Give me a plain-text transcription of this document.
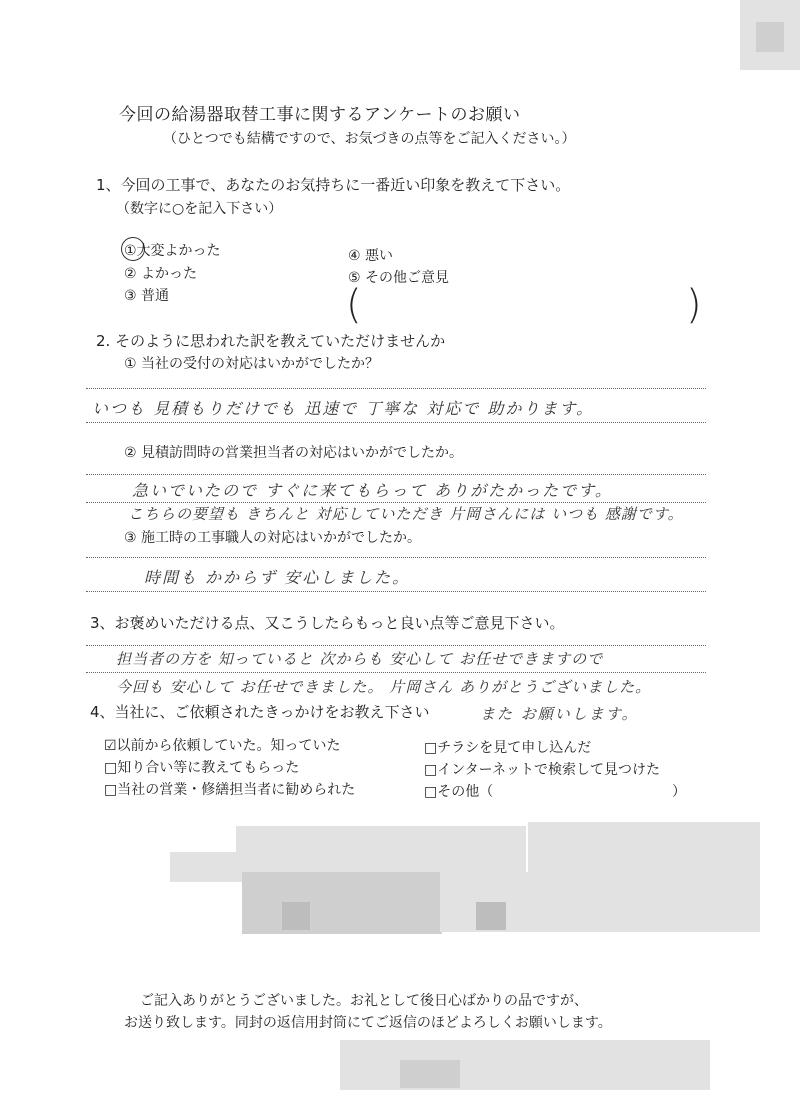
今回の給湯器取替工事に関するアンケートのお願い
（ひとつでも結構ですので、お気づきの点等をご記入ください。）
1、今回の工事で、あなたのお気持ちに一番近い印象を教えて下さい。
（数字に○を記入下さい）
①大変よかった
② よかった
③ 普通
④ 悪い
⑤ その他ご意見
(	)
2. そのように思われた訳を教えていただけませんか
① 当社の受付の対応はいかがでしたか？
いつも 見積もりだけでも 迅速で 丁寧な 対応で 助かります。
② 見積訪問時の営業担当者の対応はいかがでしたか。
急いでいたので すぐに来てもらって ありがたかったです。
こちらの要望も きちんと 対応していただき 片岡さんには いつも 感謝です。
③ 施工時の工事職人の対応はいかがでしたか。
時間も かからず 安心しました。
3、お褒めいただける点、又こうしたらもっと良い点等ご意見下さい。
担当者の方を 知っていると 次からも 安心して お任せできますので
今回も 安心して お任せできました。 片岡さん ありがとうございました。
また お願いします。
4、当社に、ご依頼されたきっかけをお教え下さい
☑以前から依頼していた。知っていた
□知り合い等に教えてもらった
□当社の営業・修繕担当者に勧められた
□チラシを見て申し込んだ
□インターネットで検索して見つけた
□その他（	）
ご記入ありがとうございました。お礼として後日心ばかりの品ですが、
お送り致します。同封の返信用封筒にてご返信のほどよろしくお願いします。
